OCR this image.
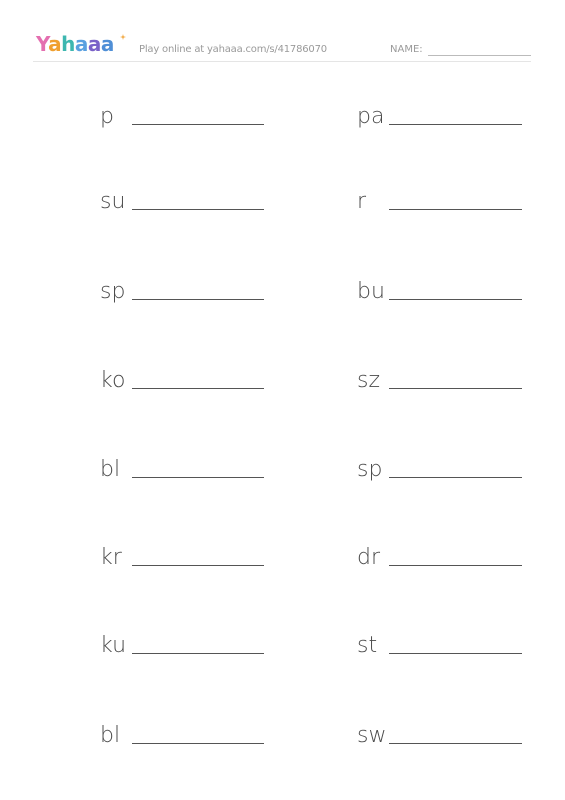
Yahaaa	Play online at yahaaa.com/s/41786070	NAME:
p
su
sp
ko
bl
kr
ku
bl
pa
r
bu
sz
sp
dr
st
sw
